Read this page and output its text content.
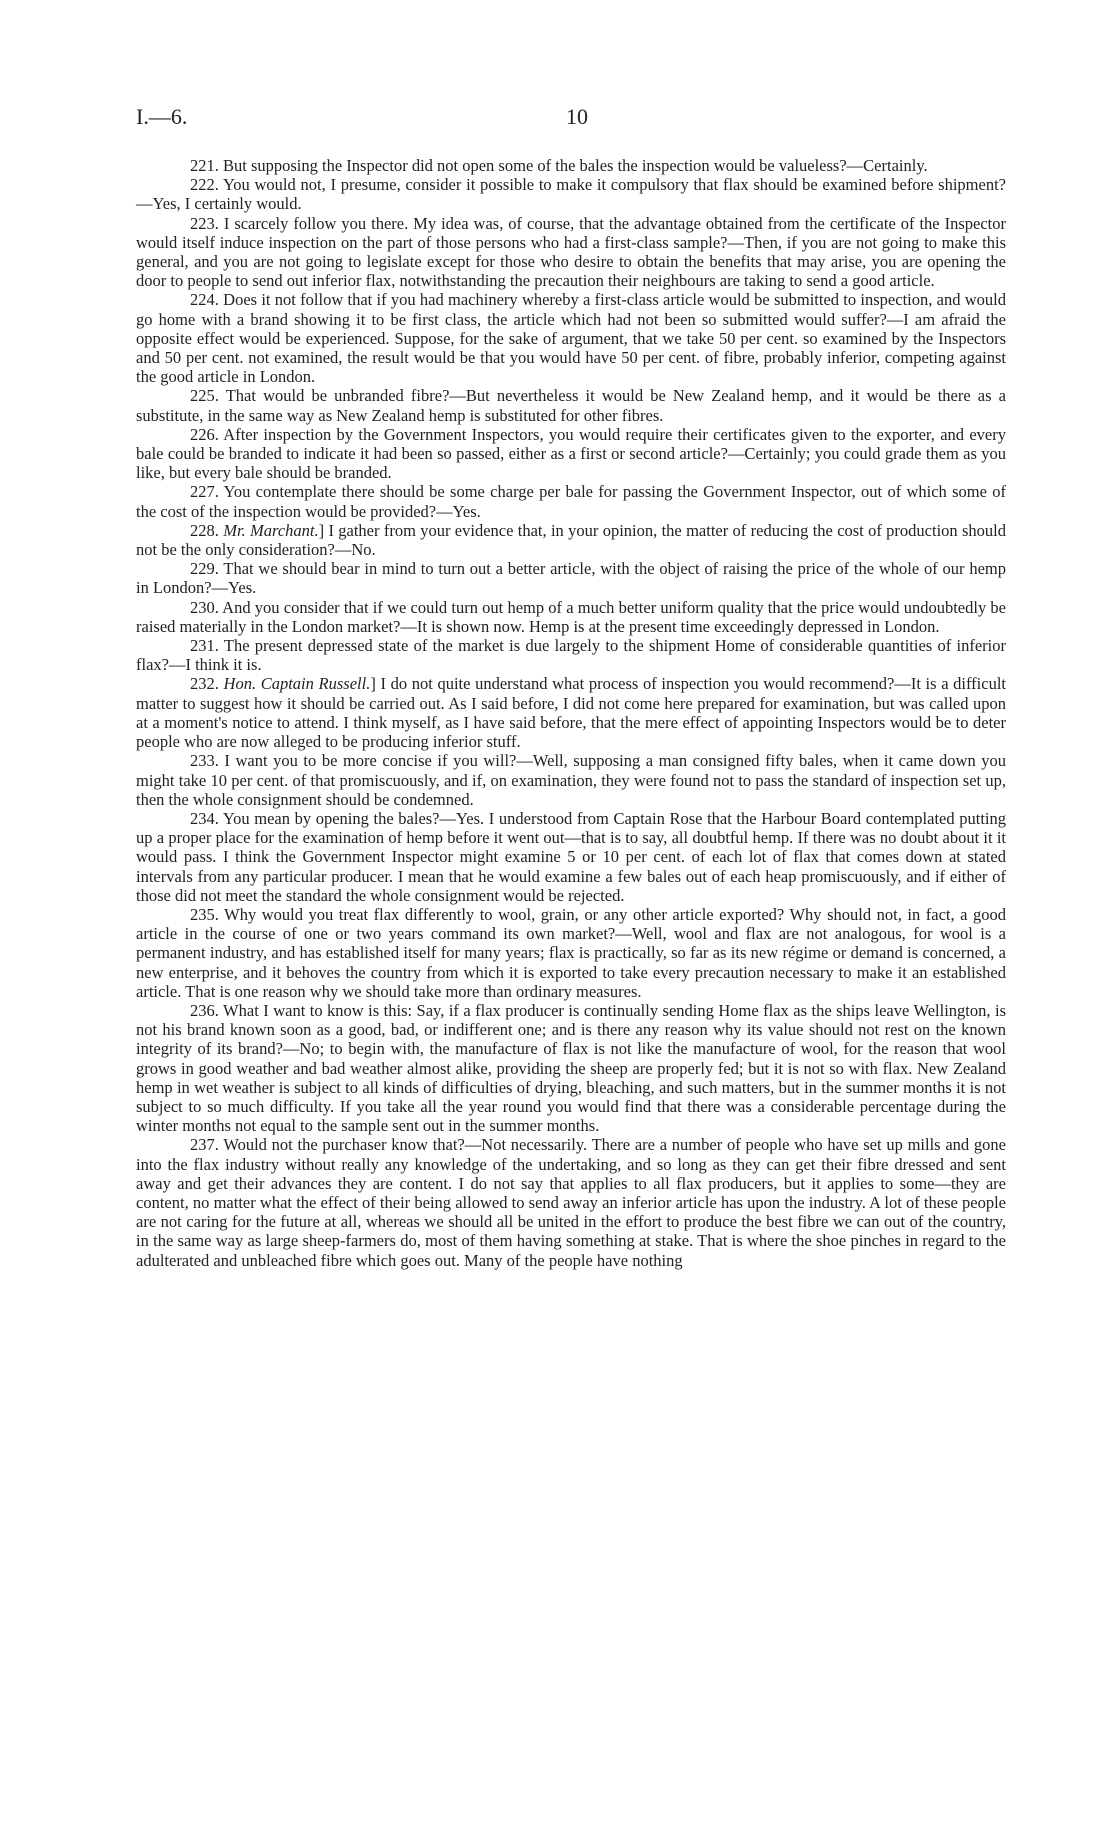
I.—6.	10

221. But supposing the Inspector did not open some of the bales the inspection would be valueless?—Certainly.

222. You would not, I presume, consider it possible to make it compulsory that flax should be examined before shipment?—Yes, I certainly would.

223. I scarcely follow you there. My idea was, of course, that the advantage obtained from the certificate of the Inspector would itself induce inspection on the part of those persons who had a first-class sample?—Then, if you are not going to make this general, and you are not going to legislate except for those who desire to obtain the benefits that may arise, you are opening the door to people to send out inferior flax, notwithstanding the precaution their neighbours are taking to send a good article.

224. Does it not follow that if you had machinery whereby a first-class article would be submitted to inspection, and would go home with a brand showing it to be first class, the article which had not been so submitted would suffer?—I am afraid the opposite effect would be experienced. Suppose, for the sake of argument, that we take 50 per cent. so examined by the Inspectors and 50 per cent. not examined, the result would be that you would have 50 per cent. of fibre, probably inferior, competing against the good article in London.

225. That would be unbranded fibre?—But nevertheless it would be New Zealand hemp, and it would be there as a substitute, in the same way as New Zealand hemp is substituted for other fibres.

226. After inspection by the Government Inspectors, you would require their certificates given to the exporter, and every bale could be branded to indicate it had been so passed, either as a first or second article?—Certainly; you could grade them as you like, but every bale should be branded.

227. You contemplate there should be some charge per bale for passing the Government Inspector, out of which some of the cost of the inspection would be provided?—Yes.

228. Mr. Marchant.] I gather from your evidence that, in your opinion, the matter of reducing the cost of production should not be the only consideration?—No.

229. That we should bear in mind to turn out a better article, with the object of raising the price of the whole of our hemp in London?—Yes.

230. And you consider that if we could turn out hemp of a much better uniform quality that the price would undoubtedly be raised materially in the London market?—It is shown now. Hemp is at the present time exceedingly depressed in London.

231. The present depressed state of the market is due largely to the shipment Home of considerable quantities of inferior flax?—I think it is.

232. Hon. Captain Russell.] I do not quite understand what process of inspection you would recommend?—It is a difficult matter to suggest how it should be carried out. As I said before, I did not come here prepared for examination, but was called upon at a moment's notice to attend. I think myself, as I have said before, that the mere effect of appointing Inspectors would be to deter people who are now alleged to be producing inferior stuff.

233. I want you to be more concise if you will?—Well, supposing a man consigned fifty bales, when it came down you might take 10 per cent. of that promiscuously, and if, on examination, they were found not to pass the standard of inspection set up, then the whole consignment should be condemned.

234. You mean by opening the bales?—Yes. I understood from Captain Rose that the Harbour Board contemplated putting up a proper place for the examination of hemp before it went out—that is to say, all doubtful hemp. If there was no doubt about it it would pass. I think the Government Inspector might examine 5 or 10 per cent. of each lot of flax that comes down at stated intervals from any particular producer. I mean that he would examine a few bales out of each heap promiscuously, and if either of those did not meet the standard the whole consignment would be rejected.

235. Why would you treat flax differently to wool, grain, or any other article exported? Why should not, in fact, a good article in the course of one or two years command its own market?—Well, wool and flax are not analogous, for wool is a permanent industry, and has established itself for many years; flax is practically, so far as its new régime or demand is concerned, a new enterprise, and it behoves the country from which it is exported to take every precaution necessary to make it an established article. That is one reason why we should take more than ordinary measures.

236. What I want to know is this: Say, if a flax producer is continually sending Home flax as the ships leave Wellington, is not his brand known soon as a good, bad, or indifferent one; and is there any reason why its value should not rest on the known integrity of its brand?—No; to begin with, the manufacture of flax is not like the manufacture of wool, for the reason that wool grows in good weather and bad weather almost alike, providing the sheep are properly fed; but it is not so with flax. New Zealand hemp in wet weather is subject to all kinds of difficulties of drying, bleaching, and such matters, but in the summer months it is not subject to so much difficulty. If you take all the year round you would find that there was a considerable percentage during the winter months not equal to the sample sent out in the summer months.

237. Would not the purchaser know that?—Not necessarily. There are a number of people who have set up mills and gone into the flax industry without really any knowledge of the undertaking, and so long as they can get their fibre dressed and sent away and get their advances they are content. I do not say that applies to all flax producers, but it applies to some—they are content, no matter what the effect of their being allowed to send away an inferior article has upon the industry. A lot of these people are not caring for the future at all, whereas we should all be united in the effort to produce the best fibre we can out of the country, in the same way as large sheep-farmers do, most of them having something at stake. That is where the shoe pinches in regard to the adulterated and unbleached fibre which goes out. Many of the people have nothing
